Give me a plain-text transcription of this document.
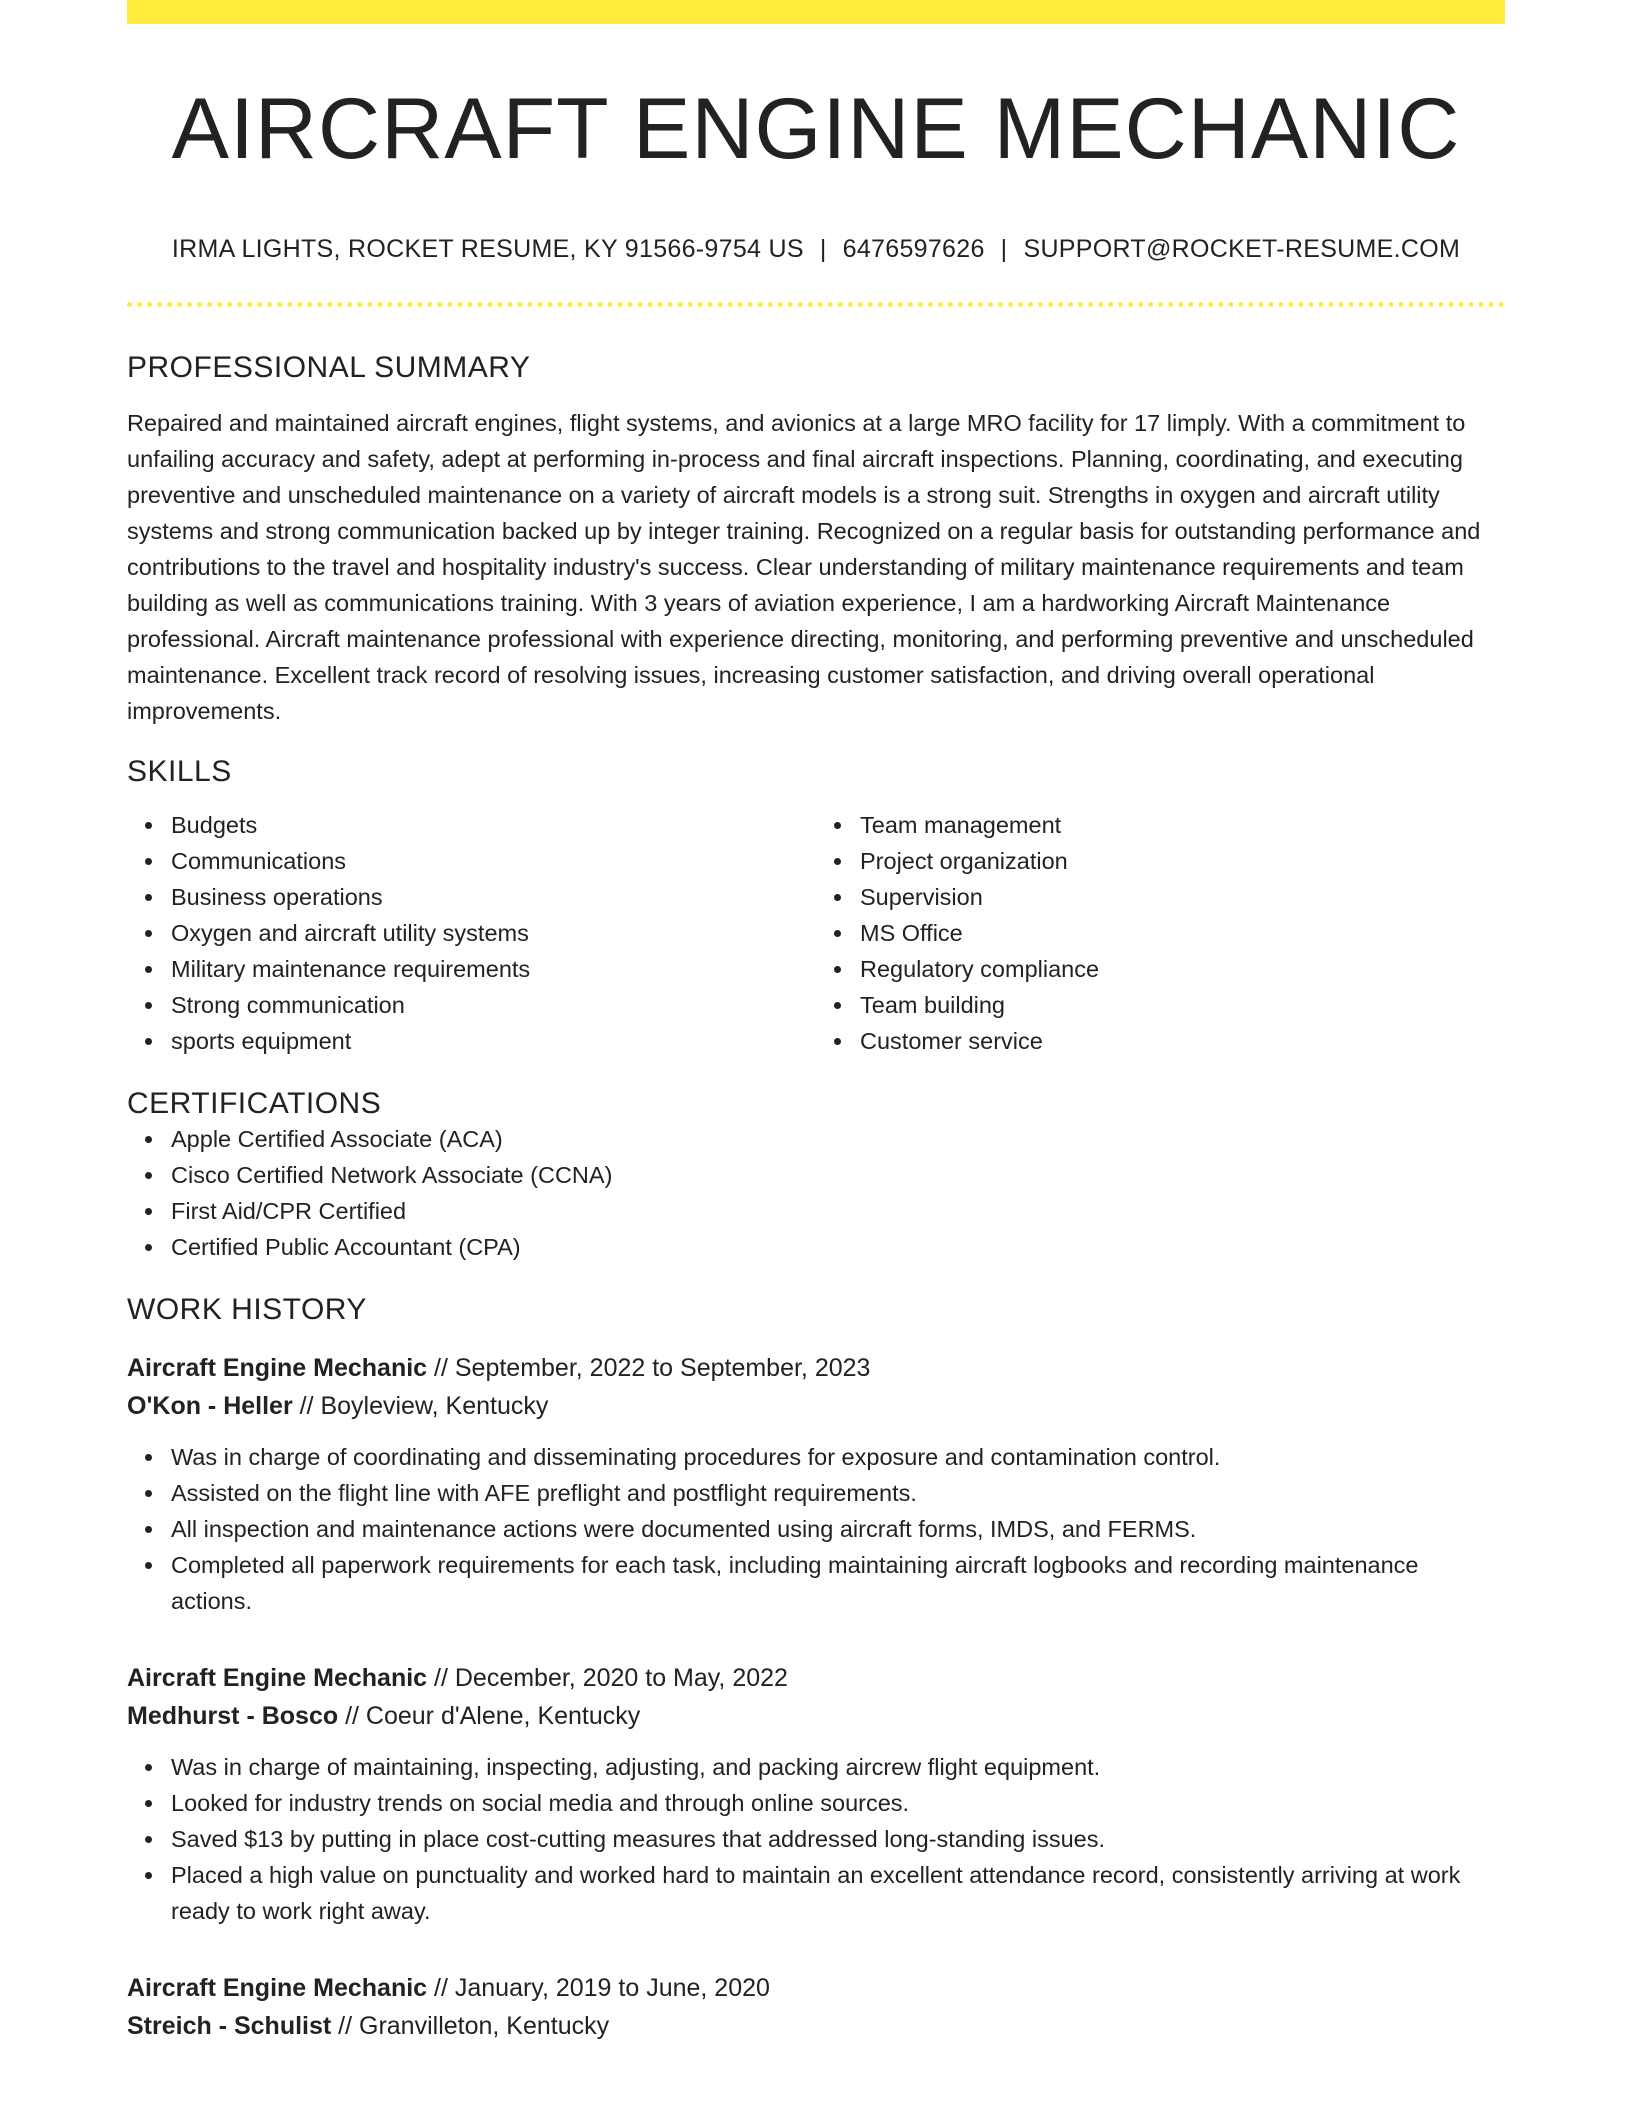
AIRCRAFT ENGINE MECHANIC
IRMA LIGHTS, ROCKET RESUME, KY 91566-9754 US | 6476597626 | SUPPORT@ROCKET-RESUME.COM
PROFESSIONAL SUMMARY

Repaired and maintained aircraft engines, flight systems, and avionics at a large MRO facility for 17 limply. With a commitment to unfailing accuracy and safety, adept at performing in-process and final aircraft inspections. Planning, coordinating, and executing preventive and unscheduled maintenance on a variety of aircraft models is a strong suit. Strengths in oxygen and aircraft utility systems and strong communication backed up by integer training. Recognized on a regular basis for outstanding performance and contributions to the travel and hospitality industry's success. Clear understanding of military maintenance requirements and team building as well as communications training. With 3 years of aviation experience, I am a hardworking Aircraft Maintenance professional. Aircraft maintenance professional with experience directing, monitoring, and performing preventive and unscheduled maintenance. Excellent track record of resolving issues, increasing customer satisfaction, and driving overall operational improvements.

SKILLS
Budgets
Communications
Business operations
Oxygen and aircraft utility systems
Military maintenance requirements
Strong communication
sports equipment
Team management
Project organization
Supervision
MS Office
Regulatory compliance
Team building
Customer service
CERTIFICATIONS
Apple Certified Associate (ACA)
Cisco Certified Network Associate (CCNA)
First Aid/CPR Certified
Certified Public Accountant (CPA)
WORK HISTORY
Aircraft Engine Mechanic // September, 2022 to September, 2023
O'Kon - Heller // Boyleview, Kentucky
Was in charge of coordinating and disseminating procedures for exposure and contamination control.
Assisted on the flight line with AFE preflight and postflight requirements.
All inspection and maintenance actions were documented using aircraft forms, IMDS, and FERMS.
Completed all paperwork requirements for each task, including maintaining aircraft logbooks and recording maintenance actions.
Aircraft Engine Mechanic // December, 2020 to May, 2022
Medhurst - Bosco // Coeur d'Alene, Kentucky
Was in charge of maintaining, inspecting, adjusting, and packing aircrew flight equipment.
Looked for industry trends on social media and through online sources.
Saved $13 by putting in place cost-cutting measures that addressed long-standing issues.
Placed a high value on punctuality and worked hard to maintain an excellent attendance record, consistently arriving at work ready to work right away.
Aircraft Engine Mechanic // January, 2019 to June, 2020
Streich - Schulist // Granvilleton, Kentucky
